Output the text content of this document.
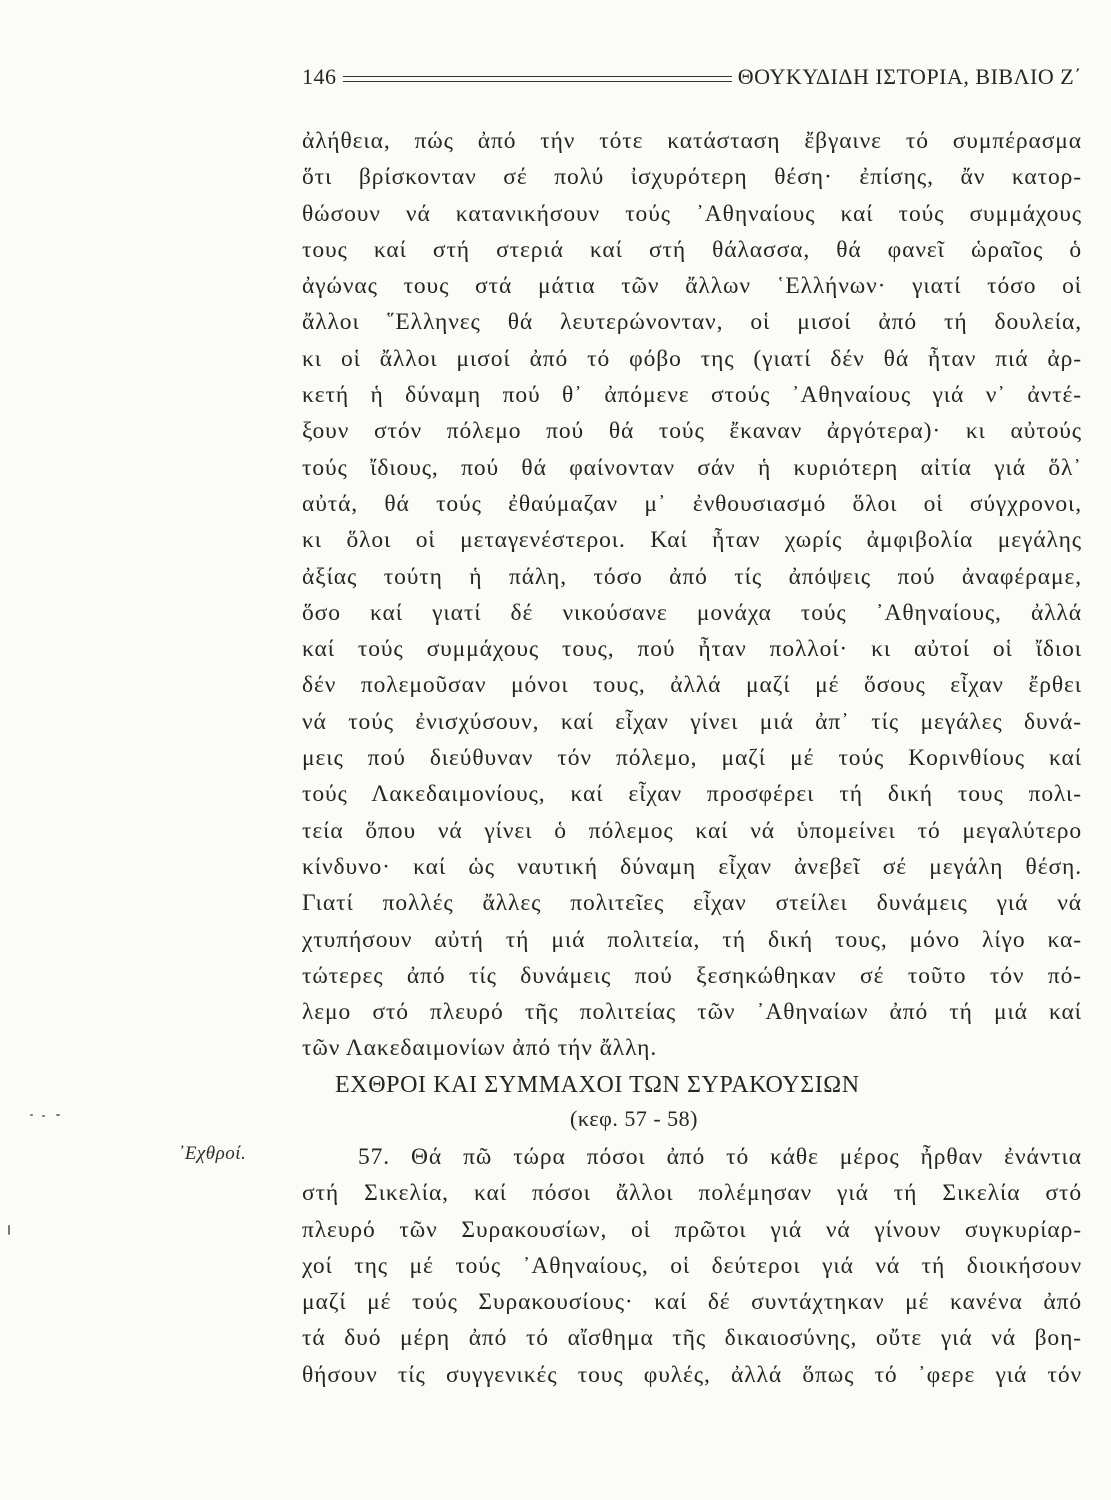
146	ΘΟΥΚΥΔΙΔΗ ΙΣΤΟΡΙΑ, ΒΙΒΛΙΟ Ζ΄
ἀλήθεια, πώς ἀπό τήν τότε κατάσταση ἔβγαινε τό συμπέρασμα
ὅτι βρίσκονταν σέ πολύ ἰσχυρότερη θέση· ἐπίσης, ἄν κατορ-
θώσουν νά κατανικήσουν τούς ᾿Αθηναίους καί τούς συμμάχους
τους καί στή στεριά καί στή θάλασσα, θά φανεῖ ὡραῖος ὁ
ἀγώνας τους στά μάτια τῶν ἄλλων ῾Ελλήνων· γιατί τόσο οἱ
ἄλλοι ῞Ελληνες θά λευτερώνονταν, οἱ μισοί ἀπό τή δουλεία,
κι οἱ ἄλλοι μισοί ἀπό τό φόβο της (γιατί δέν θά ἦταν πιά ἀρ-
κετή ἡ δύναμη πού θ᾿ ἀπόμενε στούς ᾿Αθηναίους γιά ν᾿ ἀντέ-
ξουν στόν πόλεμο πού θά τούς ἔκαναν ἀργότερα)· κι αὐτούς
τούς ἴδιους, πού θά φαίνονταν σάν ἡ κυριότερη αἰτία γιά ὅλ᾿
αὐτά, θά τούς ἐθαύμαζαν μ᾿ ἐνθουσιασμό ὅλοι οἱ σύγχρονοι,
κι ὅλοι οἱ μεταγενέστεροι. Καί ἦταν χωρίς ἀμφιβολία μεγάλης
ἀξίας τούτη ἡ πάλη, τόσο ἀπό τίς ἀπόψεις πού ἀναφέραμε,
ὅσο καί γιατί δέ νικούσανε μονάχα τούς ᾿Αθηναίους, ἀλλά
καί τούς συμμάχους τους, πού ἦταν πολλοί· κι αὐτοί οἱ ἴδιοι
δέν πολεμοῦσαν μόνοι τους, ἀλλά μαζί μέ ὅσους εἶχαν ἔρθει
νά τούς ἐνισχύσουν, καί εἶχαν γίνει μιά ἀπ᾿ τίς μεγάλες δυνά-
μεις πού διεύθυναν τόν πόλεμο, μαζί μέ τούς Κορινθίους καί
τούς Λακεδαιμονίους, καί εἶχαν προσφέρει τή δική τους πολι-
τεία ὅπου νά γίνει ὁ πόλεμος καί νά ὑπομείνει τό μεγαλύτερο
κίνδυνο· καί ὡς ναυτική δύναμη εἶχαν ἀνεβεῖ σέ μεγάλη θέση.
Γιατί πολλές ἄλλες πολιτεῖες εἶχαν στείλει δυνάμεις γιά νά
χτυπήσουν αὐτή τή μιά πολιτεία, τή δική τους, μόνο λίγο κα-
τώτερες ἀπό τίς δυνάμεις πού ξεσηκώθηκαν σέ τοῦτο τόν πό-
λεμο στό πλευρό τῆς πολιτείας τῶν ᾿Αθηναίων ἀπό τή μιά καί
τῶν Λακεδαιμονίων ἀπό τήν ἄλλη.
ΕΧΘΡΟΙ ΚΑΙ ΣΥΜΜΑΧΟΙ ΤΩΝ ΣΥΡΑΚΟΥΣΙΩΝ
(κεφ. 57 - 58)
᾿Εχθροί.	57. Θά πῶ τώρα πόσοι ἀπό τό κάθε μέρος ἦρθαν ἐνάντια
στή Σικελία, καί πόσοι ἄλλοι πολέμησαν γιά τή Σικελία στό
πλευρό τῶν Συρακουσίων, οἱ πρῶτοι γιά νά γίνουν συγκυρίαρ-
χοί της μέ τούς ᾿Αθηναίους, οἱ δεύτεροι γιά νά τή διοικήσουν
μαζί μέ τούς Συρακουσίους· καί δέ συντάχτηκαν μέ κανένα ἀπό
τά δυό μέρη ἀπό τό αἴσθημα τῆς δικαιοσύνης, οὔτε γιά νά βοη-
θήσουν τίς συγγενικές τους φυλές, ἀλλά ὅπως τό ᾿φερε γιά τόν
